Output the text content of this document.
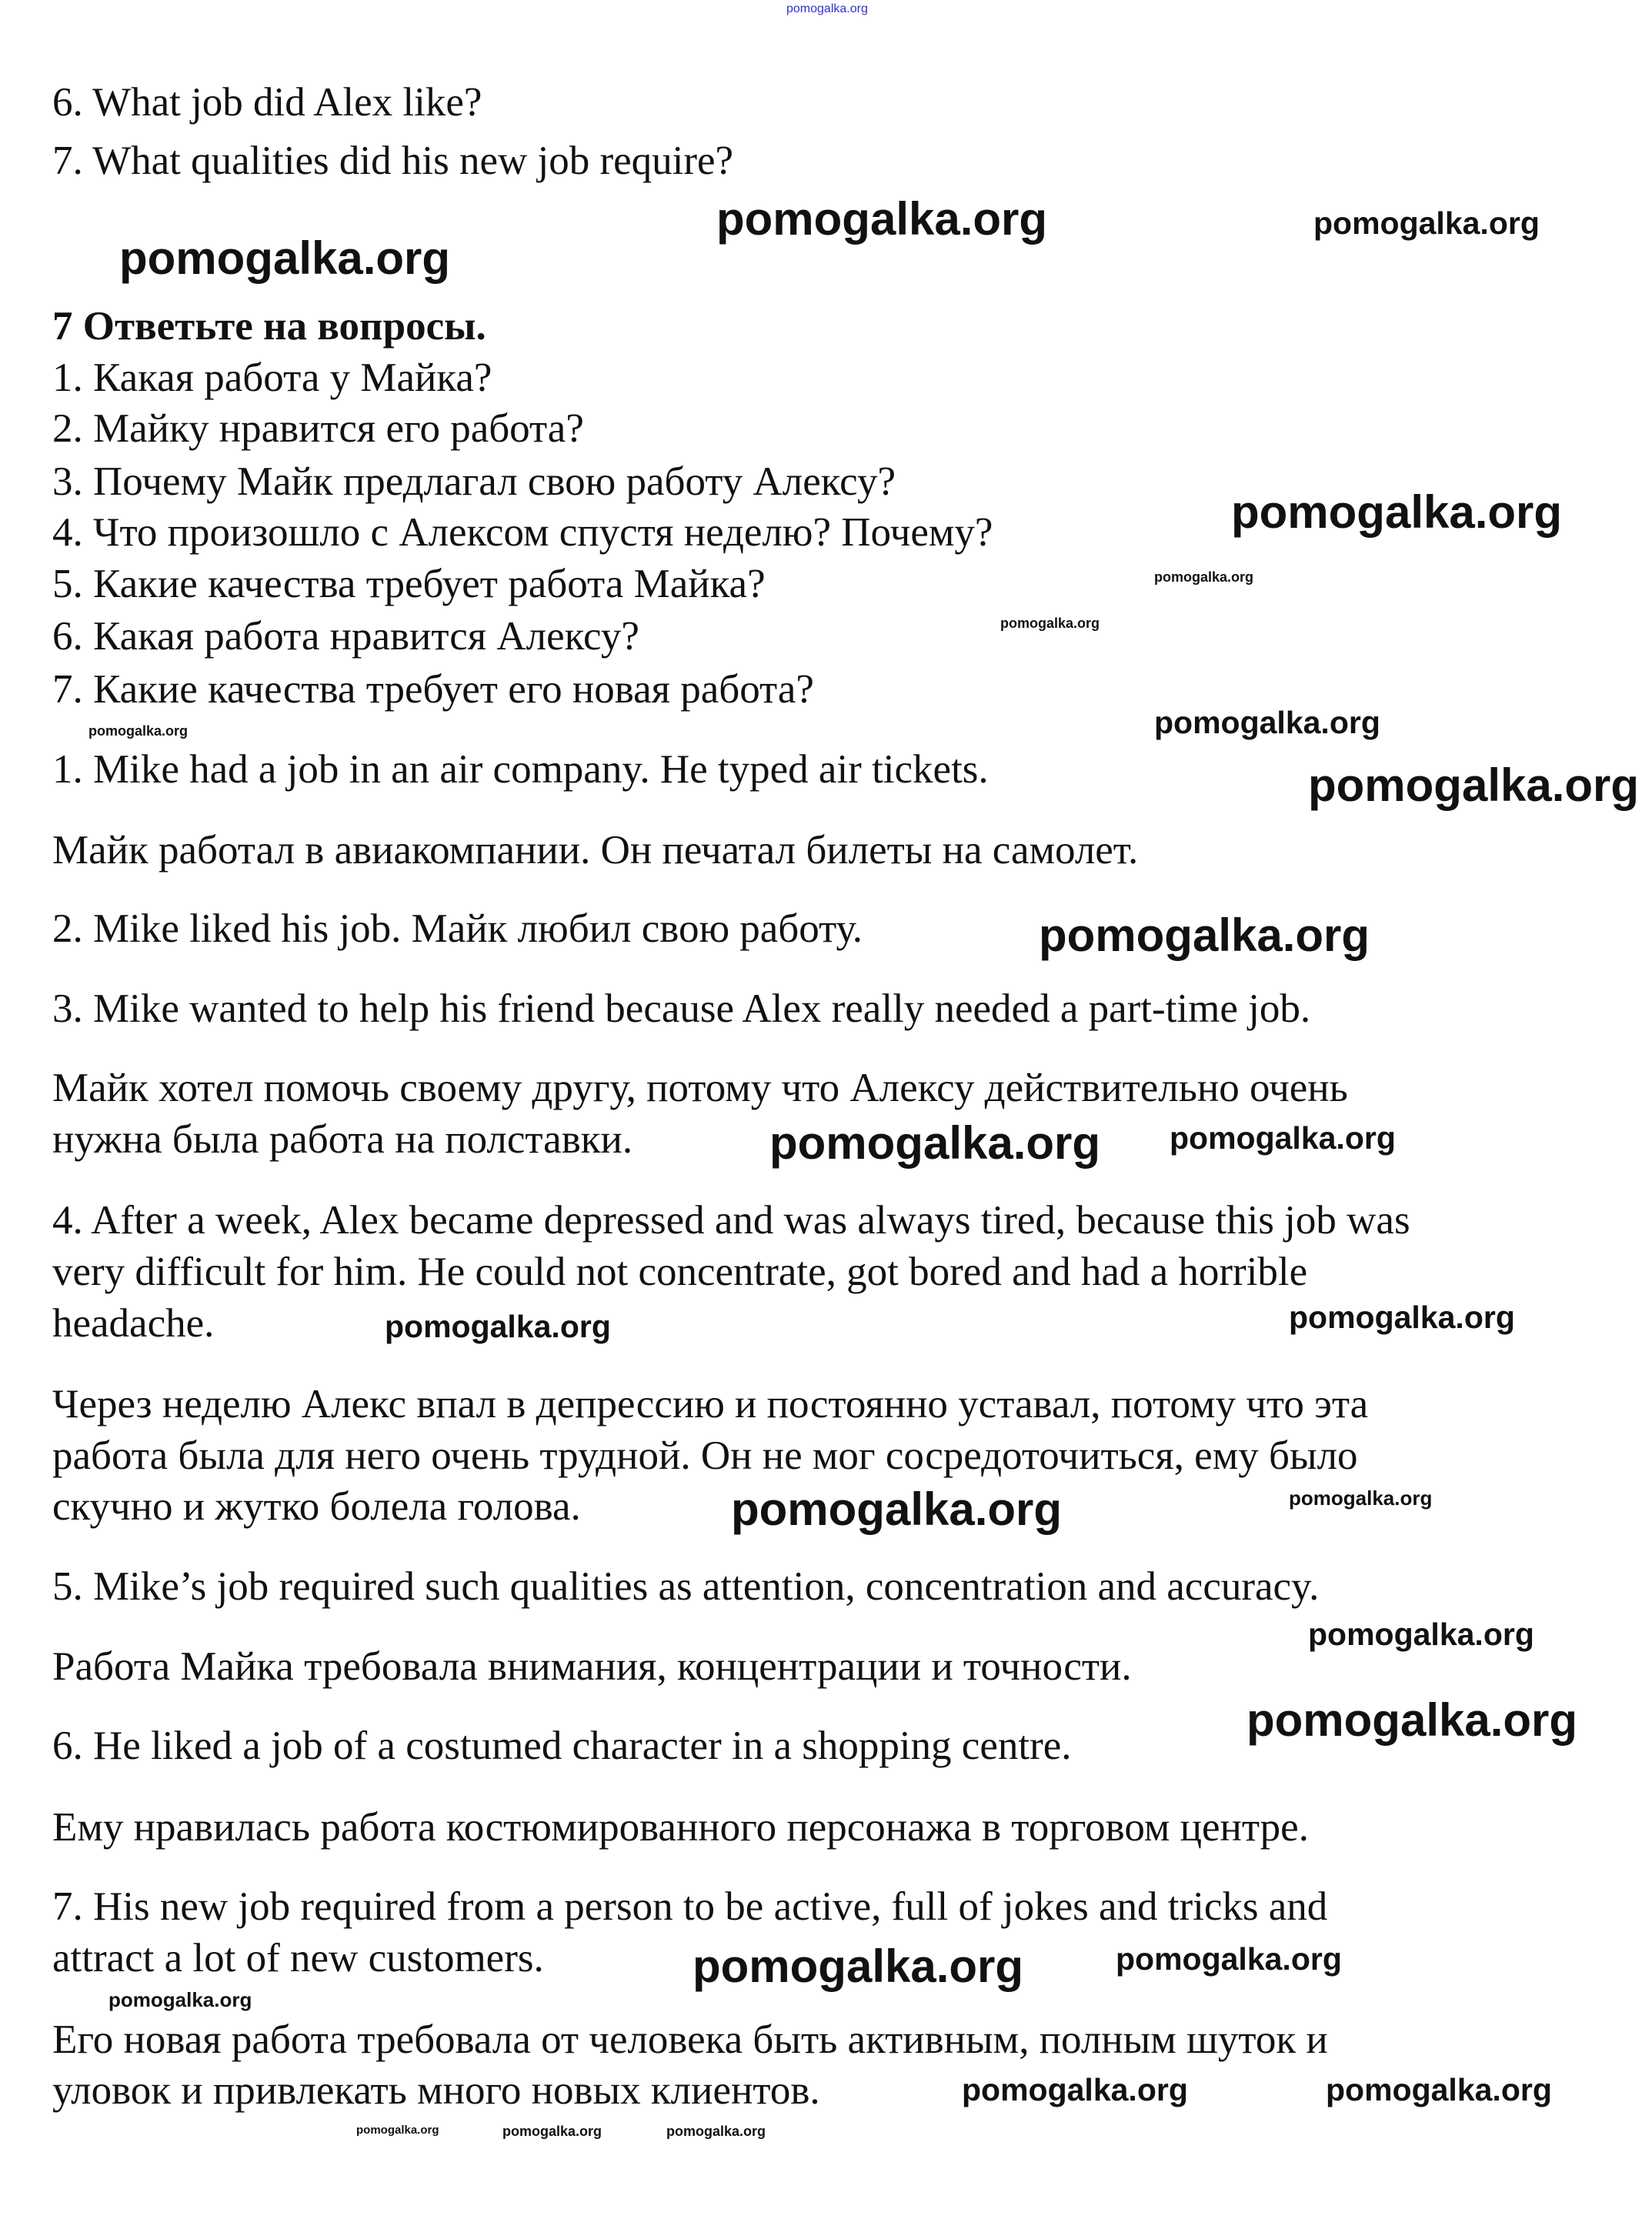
6. What job did Alex like?
7. What qualities did his new job require?
7 Ответьте на вопросы.
1. Какая работа у Майка?
2. Майку нравится его работа?
3. Почему Майк предлагал свою работу Алексу?
4. Что произошло с Алексом спустя неделю? Почему?
5. Какие качества требует работа Майка?
6. Какая работа нравится Алексу?
7. Какие качества требует его новая работа?
1. Mike had a job in an air company. He typed air tickets.
Майк работал в авиакомпании. Он печатал билеты на самолет.
2. Mike liked his job. Майк любил свою работу.
3. Mike wanted to help his friend because Alex really needed a part-time job.
Майк хотел помочь своему другу, потому что Алексу действительно очень
нужна была работа на полставки.
4. After a week, Alex became depressed and was always tired, because this job was
very difficult for him. He could not concentrate, got bored and had a horrible
headache.
Через неделю Алекс впал в депрессию и постоянно уставал, потому что эта
работа была для него очень трудной. Он не мог сосредоточиться, ему было
скучно и жутко болела голова.
5. Mike’s job required such qualities as attention, concentration and accuracy.
Работа Майка требовала внимания, концентрации и точности.
6. He liked a job of a costumed character in a shopping centre.
Ему нравилась работа костюмированного персонажа в торговом центре.
7. His new job required from a person to be active, full of jokes and tricks and
attract a lot of new customers.
Его новая работа требовала от человека быть активным, полным шуток и
уловок и привлекать много новых клиентов.
pomogalka.org
pomogalka.org	pomogalka.org
pomogalka.org
pomogalka.org
pomogalka.org
pomogalka.org
pomogalka.org	pomogalka.org
pomogalka.org
pomogalka.org
pomogalka.org pomogalka.org
pomogalka.org
pomogalka.org
pomogalka.org	pomogalka.org
pomogalka.org
pomogalka.org
pomogalka.org	pomogalka.org
pomogalka.org
pomogalka.org	pomogalka.org	pomogalka.org
pomogalka.org	pomogalka.org
